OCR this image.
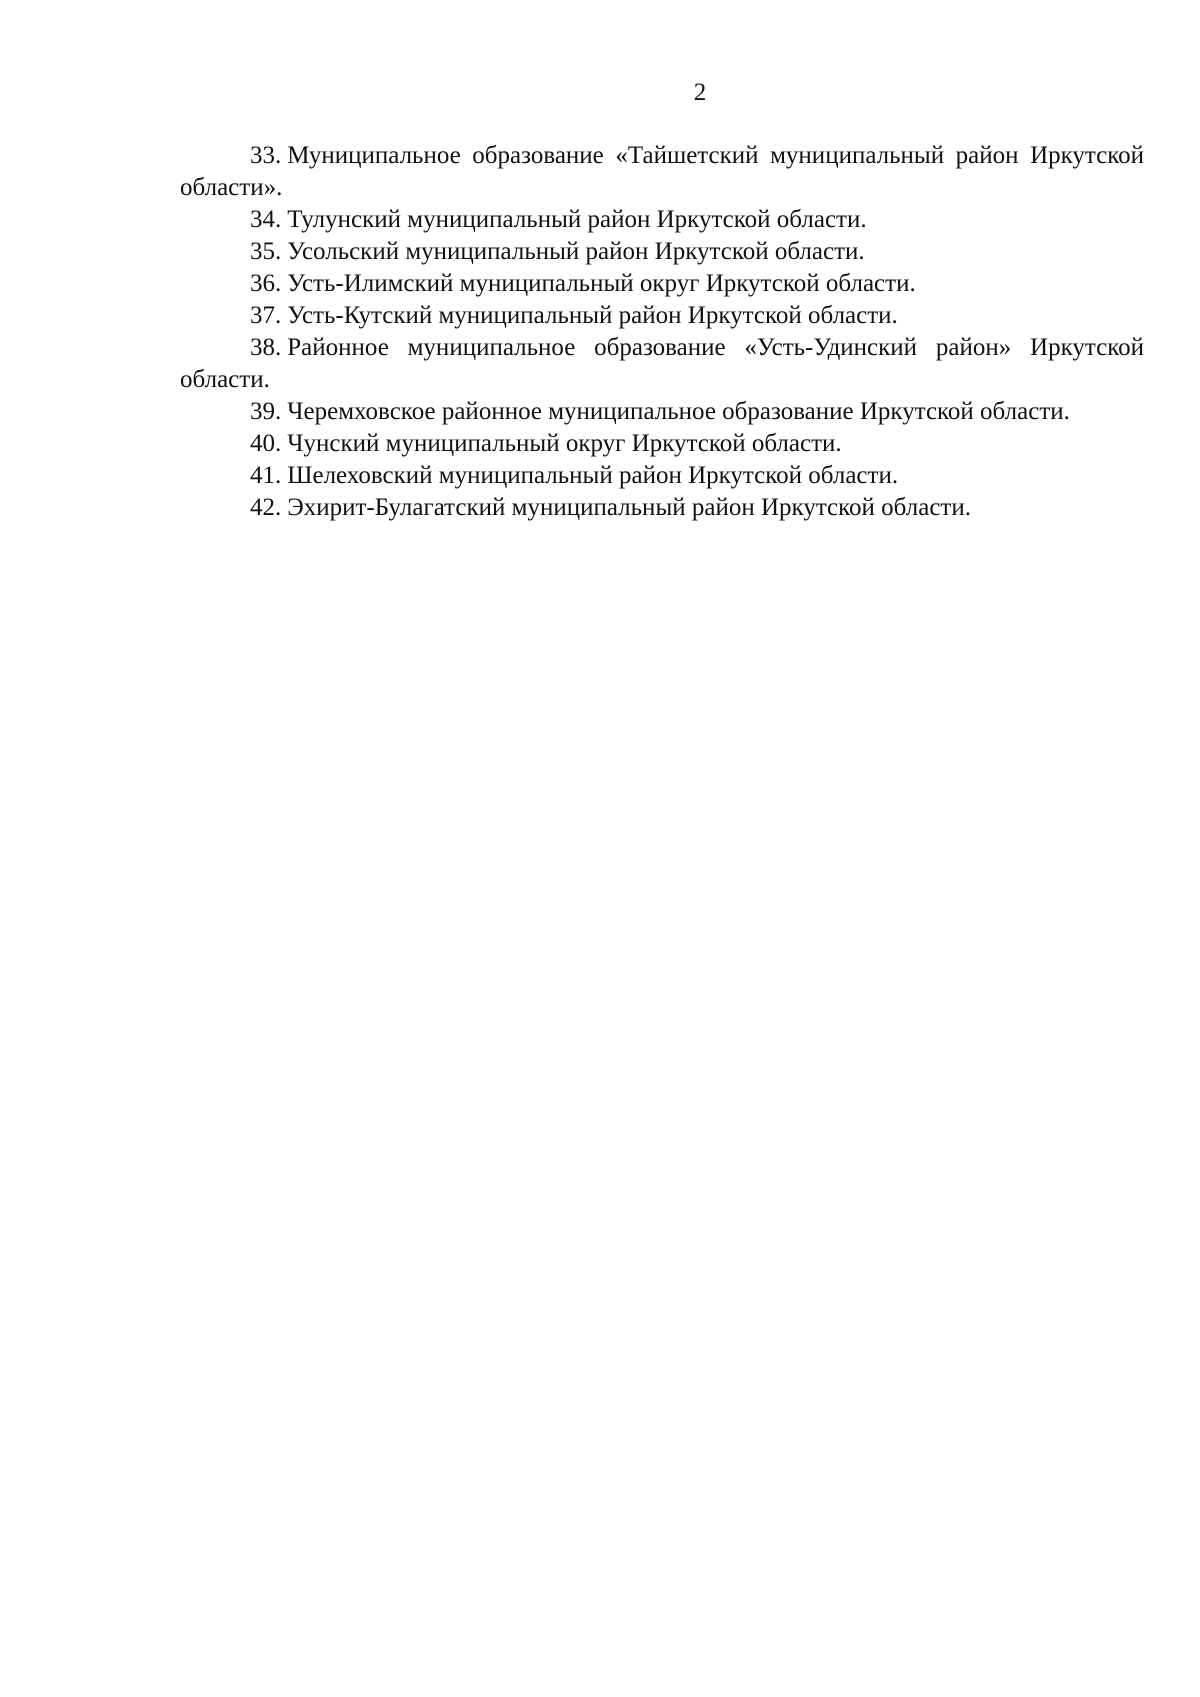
2

33. Муниципальное образование «Тайшетский муниципальный район Иркутской области».

34. Тулунский муниципальный район Иркутской области.

35. Усольский муниципальный район Иркутской области.

36. Усть-Илимский муниципальный округ Иркутской области.

37. Усть-Кутский муниципальный район Иркутской области.

38. Районное муниципальное образование «Усть-Удинский район» Иркутской области.

39. Черемховское районное муниципальное образование Иркутской области.

40. Чунский муниципальный округ Иркутской области.

41. Шелеховский муниципальный район Иркутской области.

42. Эхирит-Булагатский муниципальный район Иркутской области.
